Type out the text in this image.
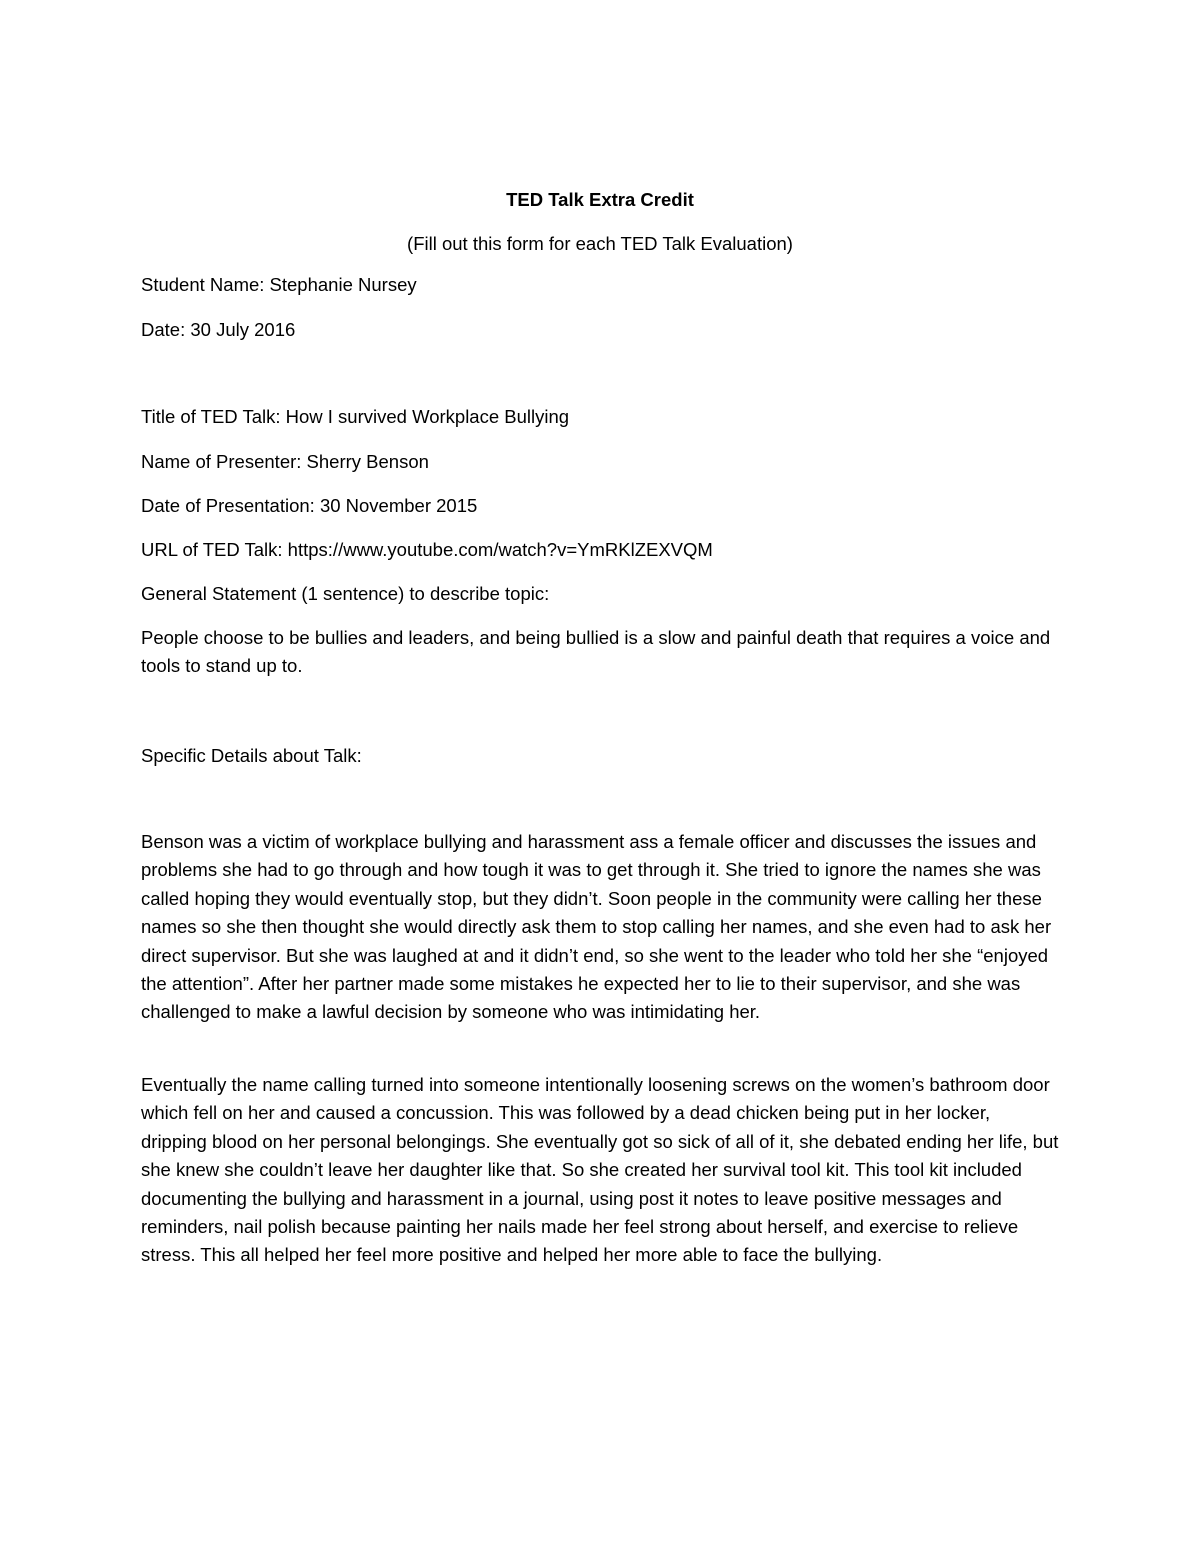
TED Talk Extra Credit
(Fill out this form for each TED Talk Evaluation)
Student Name: Stephanie Nursey
Date: 30 July 2016
Title of TED Talk: How I survived Workplace Bullying
Name of Presenter: Sherry Benson
Date of Presentation: 30 November 2015
URL of TED Talk: https://www.youtube.com/watch?v=YmRKlZEXVQM
General Statement (1 sentence) to describe topic:

People choose to be bullies and leaders, and being bullied is a slow and painful death that requires a voice and tools to stand up to.

Specific Details about Talk:

Benson was a victim of workplace bullying and harassment ass a female officer and discusses the issues and problems she had to go through and how tough it was to get through it. She tried to ignore the names she was called hoping they would eventually stop, but they didn’t. Soon people in the community were calling her these names so she then thought she would directly ask them to stop calling her names, and she even had to ask her direct supervisor. But she was laughed at and it didn’t end, so she went to the leader who told her she “enjoyed the attention”. After her partner made some mistakes he expected her to lie to their supervisor, and she was challenged to make a lawful decision by someone who was intimidating her.

Eventually the name calling turned into someone intentionally loosening screws on the women’s bathroom door which fell on her and caused a concussion. This was followed by a dead chicken being put in her locker, dripping blood on her personal belongings. She eventually got so sick of all of it, she debated ending her life, but she knew she couldn’t leave her daughter like that. So she created her survival tool kit. This tool kit included documenting the bullying and harassment in a journal, using post it notes to leave positive messages and reminders, nail polish because painting her nails made her feel strong about herself, and exercise to relieve stress. This all helped her feel more positive and helped her more able to face the bullying.
